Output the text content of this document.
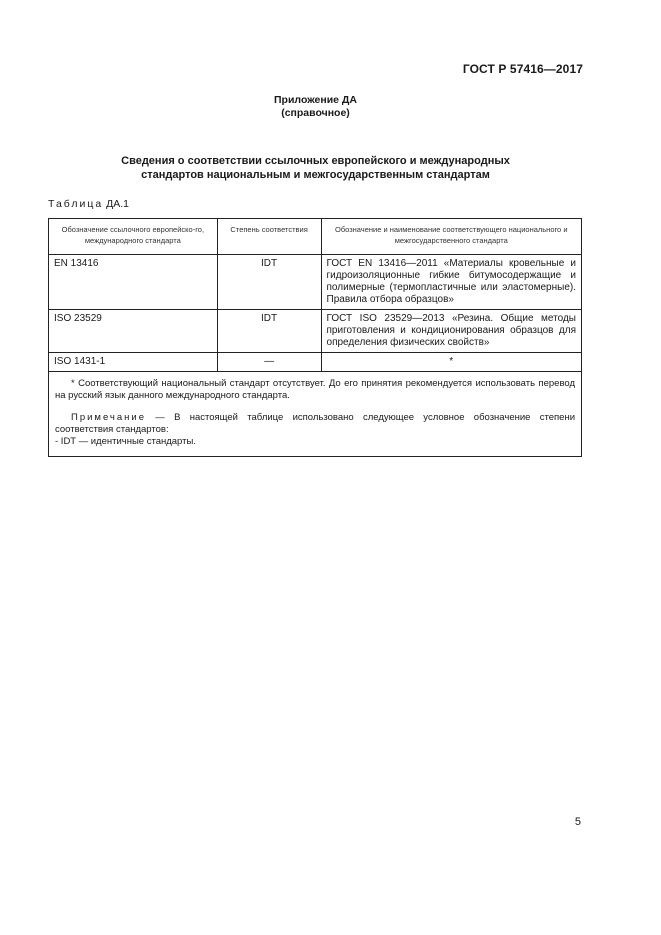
ГОСТ Р 57416—2017
Приложение ДА
(справочное)
Сведения о соответствии ссылочных европейского и международных
стандартов национальным и межгосударственным стандартам
Таблица ДА.1
Обозначение ссылочного европейско-го, международного стандарта	Степень соответствия	Обозначение и наименование соответствующего национального и межгосударственного стандарта
EN 13416	IDT	ГОСТ EN 13416—2011 «Материалы кровельные и гидроизоляционные гибкие битумосодержащие и полимерные (термопластичные или эластомерные). Правила отбора образцов»
ISO 23529	IDT	ГОСТ ISO 23529—2013 «Резина. Общие методы приготовления и кондиционирования образцов для определения физических свойств»
ISO 1431-1	—	*

* Соответствующий национальный стандарт отсутствует. До его принятия рекомендуется использовать перевод на русский язык данного международного стандарта.

Примечание — В настоящей таблице использовано следующее условное обозначение степени соответствия стандартов:

- IDT — идентичные стандарты.		

5
